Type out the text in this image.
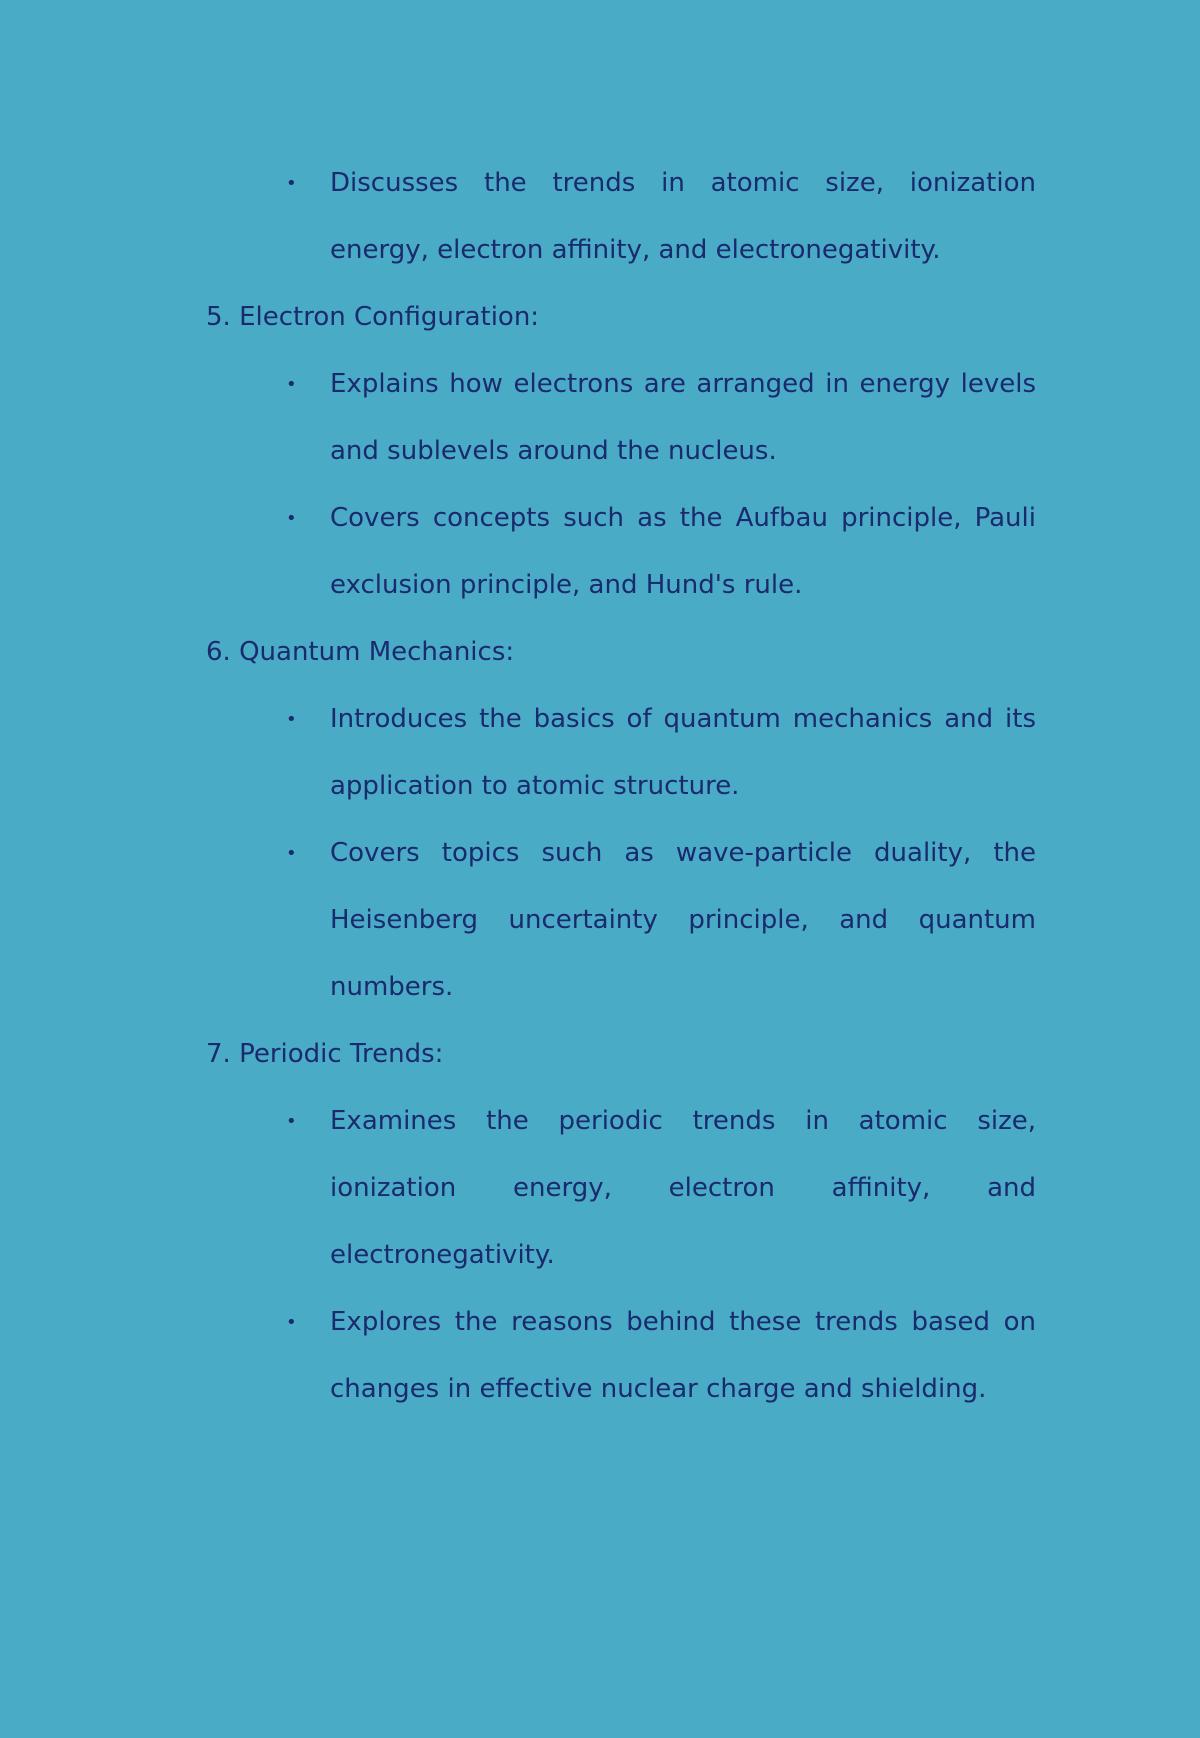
• Discusses the trends in atomic size, ionization energy, electron affinity, and electronegativity.
5. Electron Configuration:
• Explains how electrons are arranged in energy levels and sublevels around the nucleus.
• Covers concepts such as the Aufbau principle, Pauli exclusion principle, and Hund's rule.
6. Quantum Mechanics:
• Introduces the basics of quantum mechanics and its application to atomic structure.
• Covers topics such as wave-particle duality, the Heisenberg uncertainty principle, and quantum numbers.
7. Periodic Trends:
• Examines the periodic trends in atomic size, ionization energy, electron affinity, and electronegativity.
• Explores the reasons behind these trends based on changes in effective nuclear charge and shielding.
